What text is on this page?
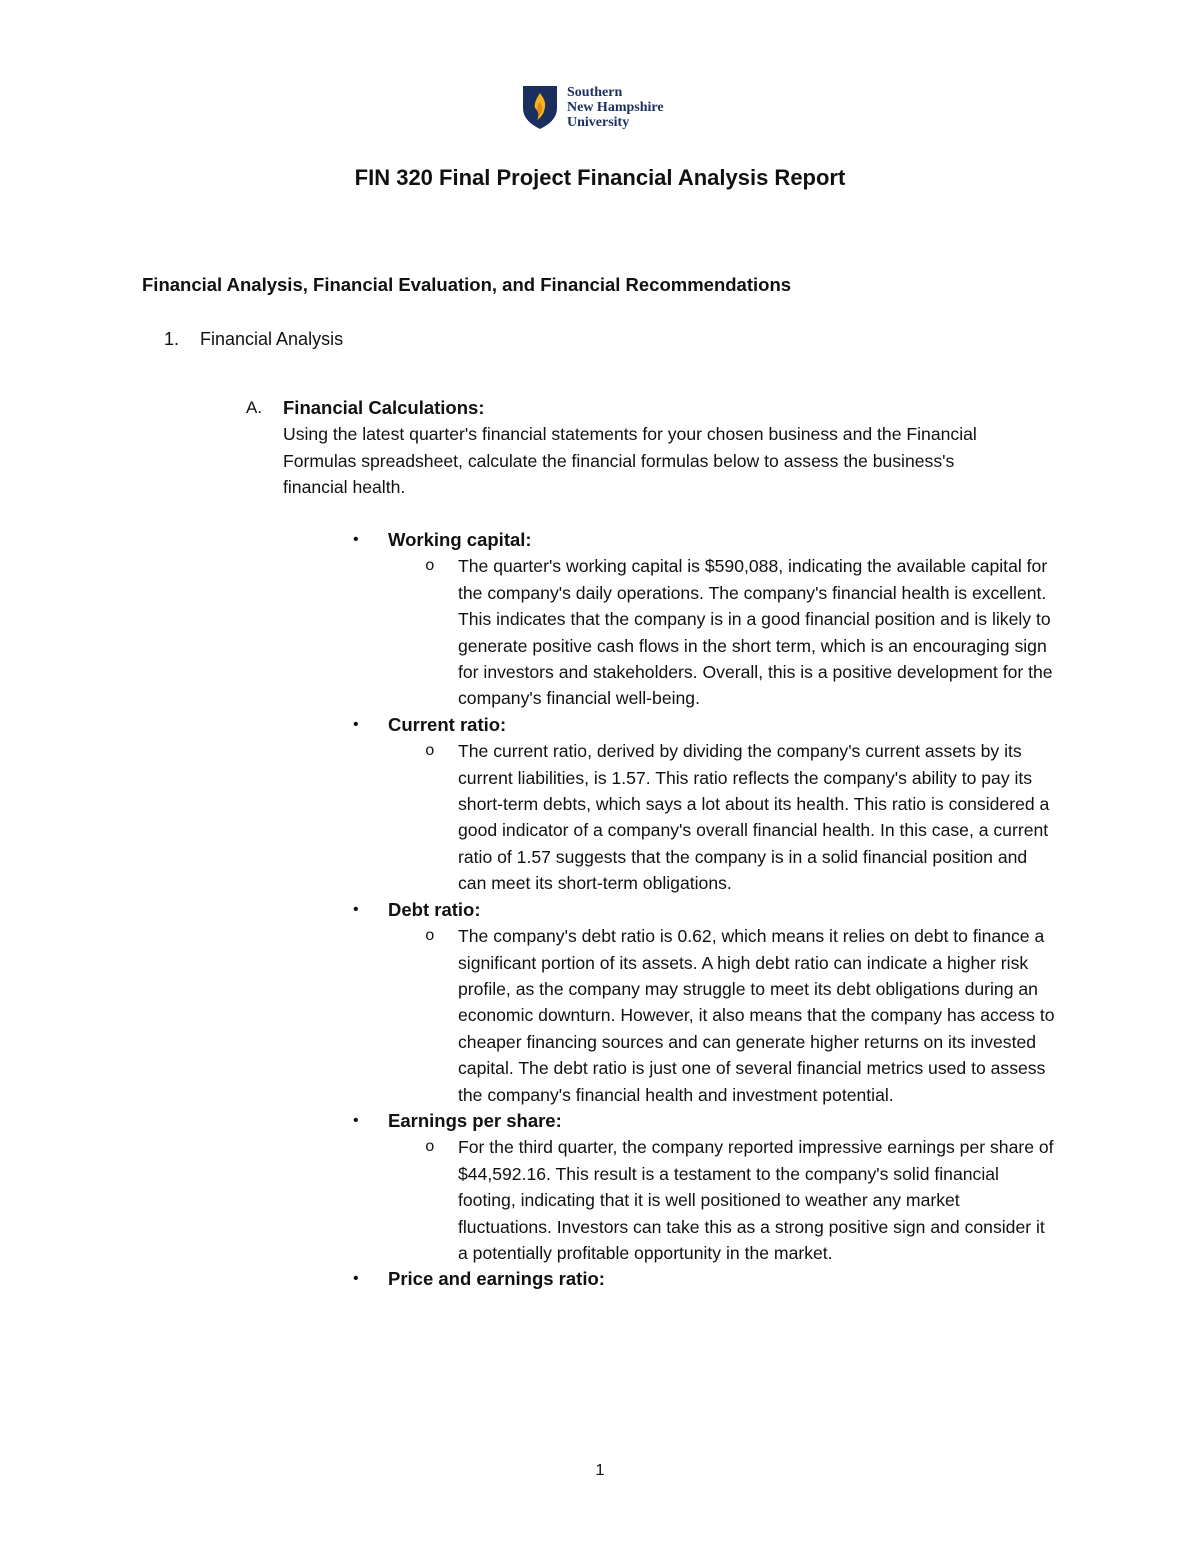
Southern
New Hampshire
University
FIN 320 Final Project Financial Analysis Report
Financial Analysis, Financial Evaluation, and Financial Recommendations
1. Financial Analysis
A. Financial Calculations:
Using the latest quarter's financial statements for your chosen business and the Financial Formulas spreadsheet, calculate the financial formulas below to assess the business's financial health.
• Working capital:
o The quarter's working capital is $590,088, indicating the available capital for the company's daily operations. The company's financial health is excellent. This indicates that the company is in a good financial position and is likely to generate positive cash flows in the short term, which is an encouraging sign for investors and stakeholders. Overall, this is a positive development for the company's financial well-being.
• Current ratio:
o The current ratio, derived by dividing the company's current assets by its current liabilities, is 1.57. This ratio reflects the company's ability to pay its short-term debts, which says a lot about its health. This ratio is considered a good indicator of a company's overall financial health. In this case, a current ratio of 1.57 suggests that the company is in a solid financial position and can meet its short-term obligations.
• Debt ratio:
o The company's debt ratio is 0.62, which means it relies on debt to finance a significant portion of its assets. A high debt ratio can indicate a higher risk profile, as the company may struggle to meet its debt obligations during an economic downturn. However, it also means that the company has access to cheaper financing sources and can generate higher returns on its invested capital. The debt ratio is just one of several financial metrics used to assess the company's financial health and investment potential.
• Earnings per share:
o For the third quarter, the company reported impressive earnings per share of $44,592.16. This result is a testament to the company's solid financial footing, indicating that it is well positioned to weather any market fluctuations. Investors can take this as a strong positive sign and consider it a potentially profitable opportunity in the market.
• Price and earnings ratio:
1
